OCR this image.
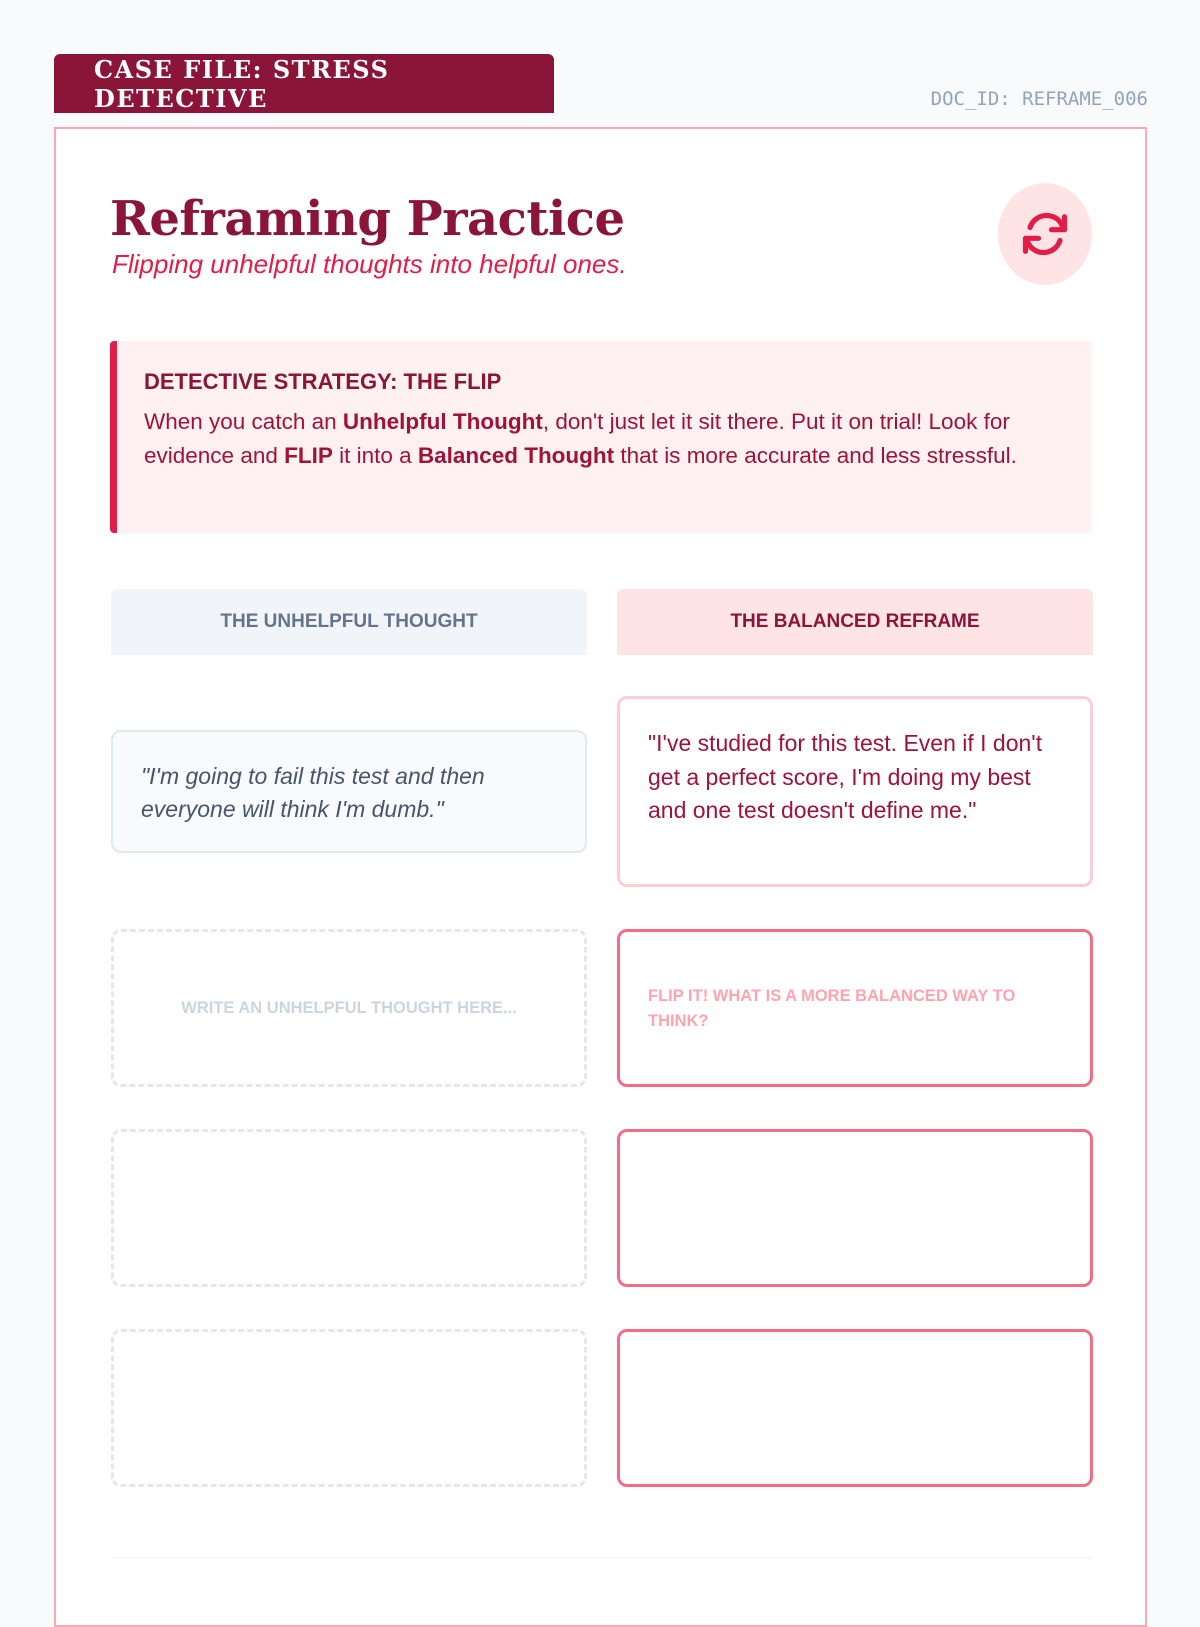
CASE FILE: STRESS DETECTIVE	DOC_ID: REFRAME_006
Reframing Practice
Flipping unhelpful thoughts into helpful ones.
DETECTIVE STRATEGY: THE FLIP

When you catch an Unhelpful Thought, don't just let it sit there. Put it on trial! Look for evidence and FLIP it into a Balanced Thought that is more accurate and less stressful.

THE UNHELPFUL THOUGHT	THE BALANCED REFRAME
"I'm going to fail this test and then everyone will think I'm dumb."
"I've studied for this test. Even if I don't get a perfect score, I'm doing my best and one test doesn't define me."
WRITE AN UNHELPFUL THOUGHT HERE...
FLIP IT! WHAT IS A MORE BALANCED WAY TO THINK?
